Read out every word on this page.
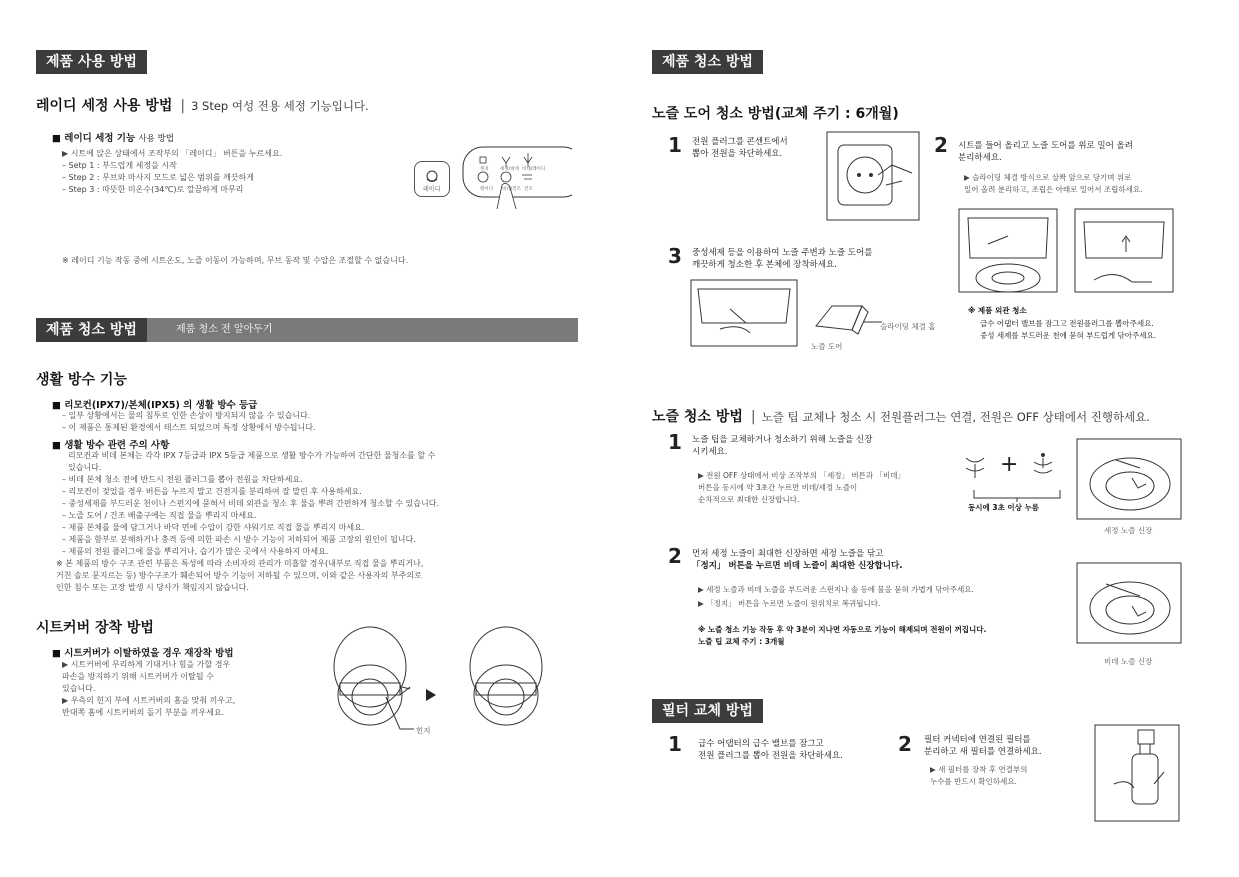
제품 사용 방법
레이디 세정 사용 방법 | 3 Step 여성 전용 세정 기능입니다.
■ 레이디 세정 기능 사용 방법
▶ 시트에 앉은 상태에서 조작부의 「레이디」 버튼을 누르세요.
– Setp 1 : 부드럽게 세정을 시작
– Step 2 : 무브와 마사지 모드로 넓은 범위를 깨끗하게
– Step 3 : 따뜻한 미온수(34℃)로 깔끔하게 마무리	레이디
정지	세정/비데 비데/레이디
레이디 비데/건조 건조
※ 레이디 기능 작동 중에 시트온도, 노즐 이동이 가능하며, 무브 동작 및 수압은 조절할 수 없습니다.
제품 청소 방법	제품 청소 전 알아두기
생활 방수 기능
■ 리모컨(IPX7)/본체(IPX5) 의 생활 방수 등급
– 일부 상황에서는 물의 침투로 인한 손상이 방지되지 않을 수 있습니다.
– 이 제품은 통제된 환경에서 테스트 되었으며 특정 상황에서 방수됩니다.
■ 생활 방수 관련 주의 사항
리모컨과 비데 본체는 각각 IPX 7등급과 IPX 5등급 제품으로 생활 방수가 가능하여 간단한 물청소를 할 수
있습니다.
– 비데 본체 청소 전에 반드시 전원 플러그를 뽑아 전원을 차단하세요.
– 리모컨이 젖었을 경우 버튼을 누르지 말고 건전지를 분리하여 잘 말린 후 사용하세요.
– 중성세제를 부드러운 천이나 스펀지에 묻혀서 비데 외관을 청소 후 물을 뿌려 간편하게 청소할 수 있습니다.
– 노즐 도어 / 건조 배출구에는 직접 물을 뿌리지 마세요.
– 제품 본체를 물에 담그거나 바닥 면에 수압이 강한 샤워기로 직접 물을 뿌리지 마세요.
– 제품을 함부로 분해하거나 충격 등에 의한 파손 시 방수 기능이 저하되어 제품 고장의 원인이 됩니다.
– 제품의 전원 플러그에 물을 뿌리거나, 습기가 많은 곳에서 사용하지 마세요.
※ 본 제품의 방수 구조 관련 부품은 특성에 따라 소비자의 관리가 미흡할 경우(내부로 직접 물을 뿌리거나,
거친 솔로 문지르는 등) 방수구조가 훼손되어 방수 기능이 저하될 수 있으며, 이와 같은 사용자의 부주의로
인한 침수 또는 고장 발생 시 당사가 책임지지 않습니다.
시트커버 장착 방법
■ 시트커버가 이탈하였을 경우 재장착 방법
▶ 시트커버에 무리하게 기대거나 힘을 가할 경우
파손을 방지하기 위해 시트커버가 이탈될 수
있습니다.
▶ 우측의 힌지 부에 시트커버의 홈을 맞춰 끼우고,
반대쪽 홈에 시트커버의 돌기 부분을 끼우세요.
힌지
제품 청소 방법
노즐 도어 청소 방법(교체 주기 : 6개월)
1 전원 플러그를 콘센트에서
뽑아 전원을 차단하세요.	2 시트를 들어 올리고 노즐 도어를 위로 밀어 올려
분리하세요.
▶ 슬라이딩 체결 방식으로 살짝 앞으로 당기며 위로
밀어 올려 분리하고, 조립은 아래로 밀어서 조립하세요.
3 중성세제 등을 이용하여 노즐 주변과 노즐 도어를
깨끗하게 청소한 후 본체에 장착하세요.
슬라이딩 체결 홈
노즐 도어
※ 제품 외관 청소
급수 어댑터 밸브를 잠그고 전원플러그를 뽑아주세요.
중성 세제를 부드러운 천에 묻혀 부드럽게 닦아주세요.
노즐 청소 방법 | 노즐 팁 교체나 청소 시 전원플러그는 연결, 전원은 OFF 상태에서 진행하세요.
1 노즐 팁을 교체하거나 청소하기 위해 노즐을 신장
시키세요.
▶ 전원 OFF 상태에서 비상 조작부의 「세정」 버튼과 「비데」
버튼을 동시에 약 3초간 누르면 비데/세정 노즐이
순차적으로 최대한 신장합니다.
+
동시에 3초 이상 누름
세정 노즐 신장
2 먼저 세정 노즐이 최대한 신장하면 세정 노즐을 닦고
「정지」 버튼을 누르면 비데 노즐이 최대한 신장합니다.
▶ 세정 노즐과 비데 노즐을 부드러운 스펀지나 솔 등에 물을 묻혀 가볍게 닦아주세요.
▶ 「정지」 버튼을 누르면 노즐이 원위치로 복귀됩니다.
※ 노즐 청소 기능 작동 후 약 3분이 지나면 자동으로 기능이 해제되며 전원이 꺼집니다.
노즐 팁 교체 주기 : 3개월
비데 노즐 신장
필터 교체 방법
1 급수 어댑터의 급수 밸브를 잠그고
전원 플러그를 뽑아 전원을 차단하세요.	2 필터 커넥터에 연결된 필터를
분리하고 새 필터를 연결하세요.
▶ 새 필터를 장착 후 연결부의
누수를 반드시 확인하세요.
